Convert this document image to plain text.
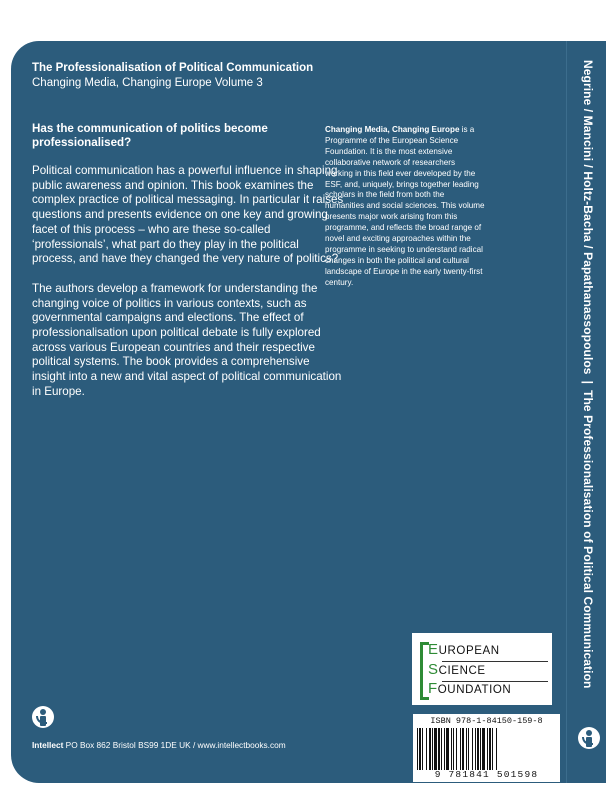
Negrine / Mancini / Holtz-Bacha / Papathanassopoulos|The Professionalisation of Political Communication
The Professionalisation of Political Communication
Changing Media, Changing Europe Volume 3

Has the communication of politics become professionalised?

Political communication has a powerful influence in shaping public awareness and opinion. This book examines the complex practice of political messaging. In particular it raises questions and presents evidence on one key and growing facet of this process – who are these so-called ‘professionals’, what part do they play in the political process, and have they changed the very nature of politics?

The authors develop a framework for understanding the changing voice of politics in various contexts, such as governmental campaigns and elections. The effect of professionalisation upon political debate is fully explored across various European countries and their respective political systems. The book provides a comprehensive insight into a new and vital aspect of political communication in Europe.

Changing Media, Changing Europe is a Programme of the European Science Foundation. It is the most extensive collaborative network of researchers working in this field ever developed by the ESF, and, uniquely, brings together leading scholars in the field from both the humanities and social sciences. This volume presents major work arising from this programme, and reflects the broad range of novel and exciting approaches within the programme in seeking to understand radical changes in both the political and cultural landscape of Europe in the early twenty-first century.
EUROPEAN
SCIENCE
FOUNDATION
ISBN 978-1-84150-159-8
9 781841 501598
Intellect PO Box 862 Bristol BS99 1DE UK / www.intellectbooks.com
